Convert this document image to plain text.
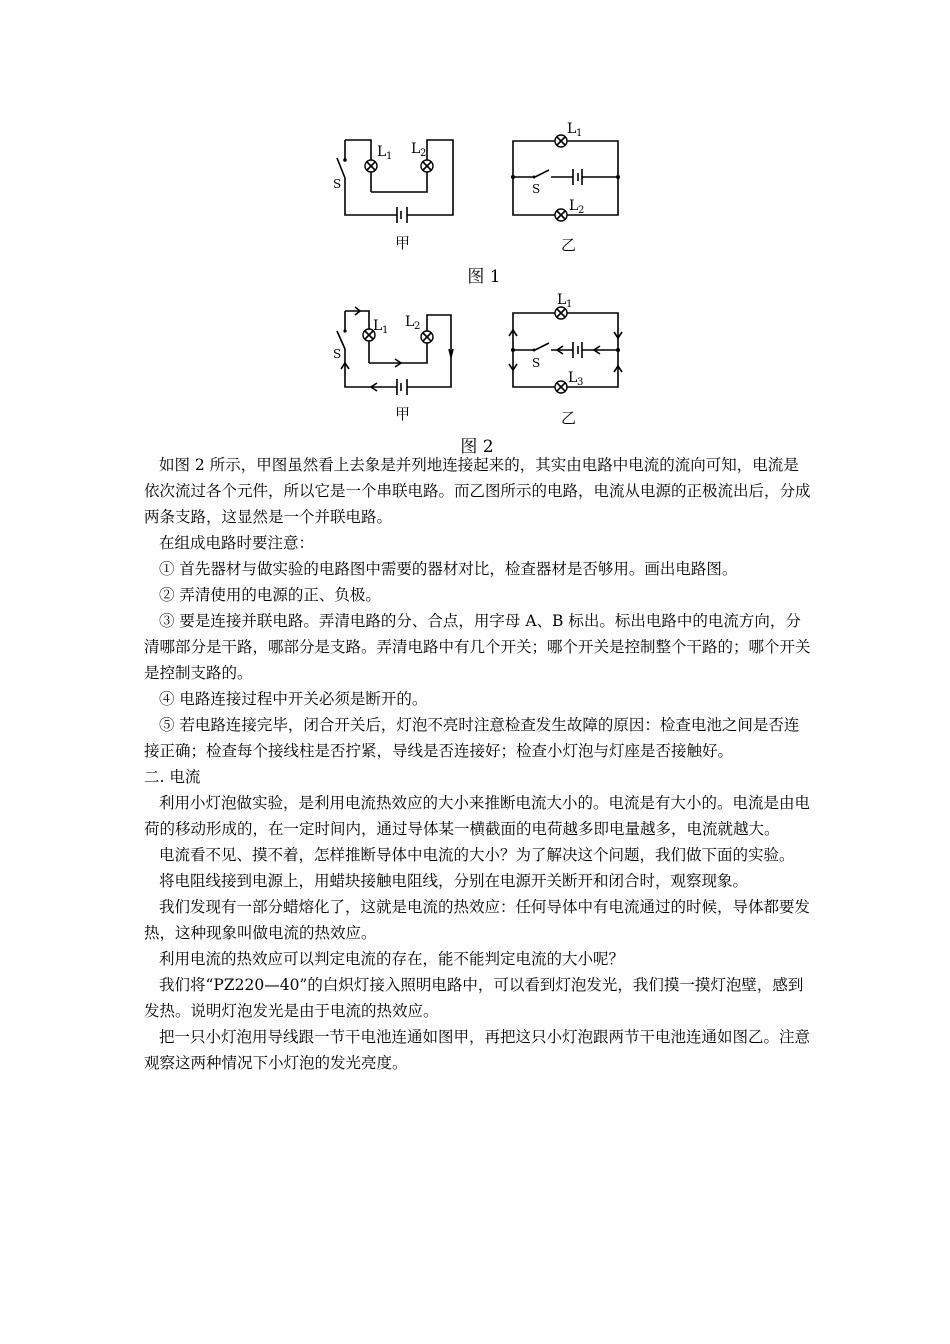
L 1 L 2
S
甲
L 1
L 2
S
乙
图 1
L 1
L 2
S
甲
L 1
L 3
S
乙
图 2

如图 2 所示，甲图虽然看上去象是并列地连接起来的，其实由电路中电流的流向可知，电流是依次流过各个元件，所以它是一个串联电路。而乙图所示的电路，电流从电源的正极流出后，分成两条支路，这显然是一个并联电路。

在组成电路时要注意：

① 首先器材与做实验的电路图中需要的器材对比，检查器材是否够用。画出电路图。

② 弄清使用的电源的正、负极。

③ 要是连接并联电路。弄清电路的分、合点，用字母 A、B 标出。标出电路中的电流方向，分清哪部分是干路，哪部分是支路。弄清电路中有几个开关；哪个开关是控制整个干路的；哪个开关是控制支路的。

④ 电路连接过程中开关必须是断开的。

⑤ 若电路连接完毕，闭合开关后，灯泡不亮时注意检查发生故障的原因：检查电池之间是否连接正确；检查每个接线柱是否拧紧，导线是否连接好；检查小灯泡与灯座是否接触好。

二. 电流

利用小灯泡做实验，是利用电流热效应的大小来推断电流大小的。电流是有大小的。电流是由电荷的移动形成的，在一定时间内，通过导体某一横截面的电荷越多即电量越多，电流就越大。

电流看不见、摸不着，怎样推断导体中电流的大小？为了解决这个问题，我们做下面的实验。

将电阻线接到电源上，用蜡块接触电阻线，分别在电源开关断开和闭合时，观察现象。

我们发现有一部分蜡熔化了，这就是电流的热效应：任何导体中有电流通过的时候，导体都要发热，这种现象叫做电流的热效应。

利用电流的热效应可以判定电流的存在，能不能判定电流的大小呢？

我们将“PZ220—40”的白炽灯接入照明电路中，可以看到灯泡发光，我们摸一摸灯泡壁，感到发热。说明灯泡发光是由于电流的热效应。

把一只小灯泡用导线跟一节干电池连通如图甲，再把这只小灯泡跟两节干电池连通如图乙。注意观察这两种情况下小灯泡的发光亮度。
